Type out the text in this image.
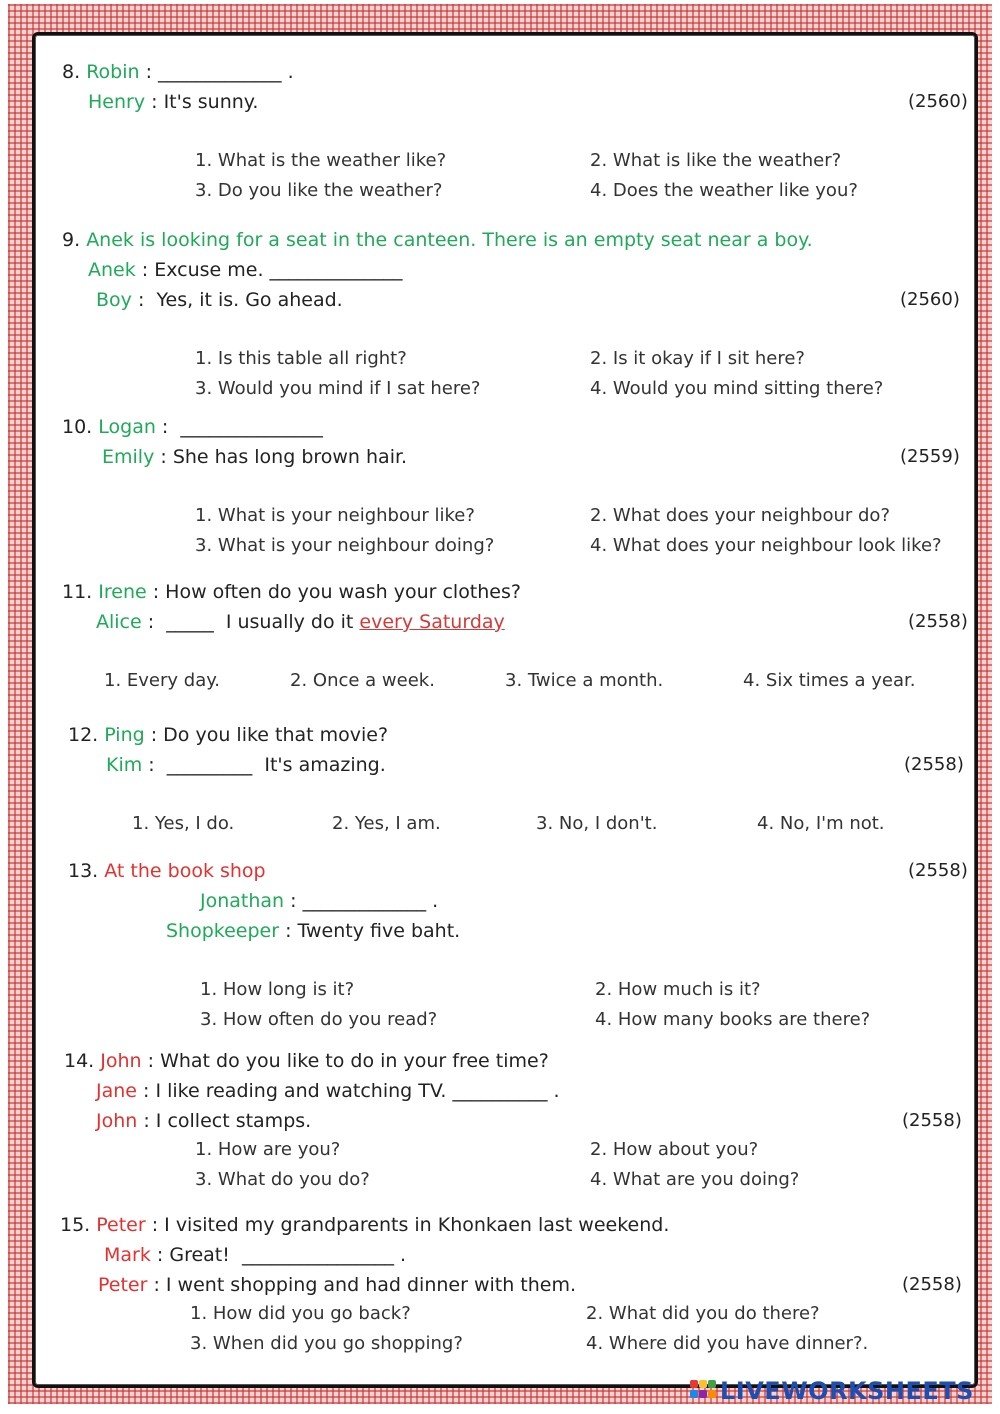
8. Robin : _____________ .
Henry : It's sunny.	(2560)
1. What is the weather like?	2. What is like the weather?
3. Do you like the weather?	4. Does the weather like you?
9. Anek is looking for a seat in the canteen. There is an empty seat near a boy.
Anek : Excuse me. ______________
Boy :  Yes, it is. Go ahead.	(2560)
1. Is this table all right?	2. Is it okay if I sit here?
3. Would you mind if I sat here?	4. Would you mind sitting there?
10. Logan :  _______________
Emily : She has long brown hair.	(2559)
1. What is your neighbour like?	2. What does your neighbour do?
3. What is your neighbour doing?	4. What does your neighbour look like?
11. Irene : How often do you wash your clothes?
Alice :  _____  I usually do it every Saturday	(2558)
1. Every day.	2. Once a week.	3. Twice a month.	4. Six times a year.
12. Ping : Do you like that movie?
Kim :  _________  It's amazing.	(2558)
1. Yes, I do.	2. Yes, I am.	3. No, I don't.	4. No, I'm not.
13. At the book shop	(2558)
Jonathan : _____________ .
Shopkeeper : Twenty five baht.
1. How long is it?	2. How much is it?
3. How often do you read?	4. How many books are there?
14. John : What do you like to do in your free time?
Jane : I like reading and watching TV. __________ .
John : I collect stamps.	(2558)
1. How are you?	2. How about you?
3. What do you do?	4. What are you doing?
15. Peter : I visited my grandparents in Khonkaen last weekend.
Mark : Great!  ________________ .
Peter : I went shopping and had dinner with them.	(2558)
1. How did you go back?	2. What did you do there?
3. When did you go shopping?	4. Where did you have dinner?.
LIVEWORKSHEETS
